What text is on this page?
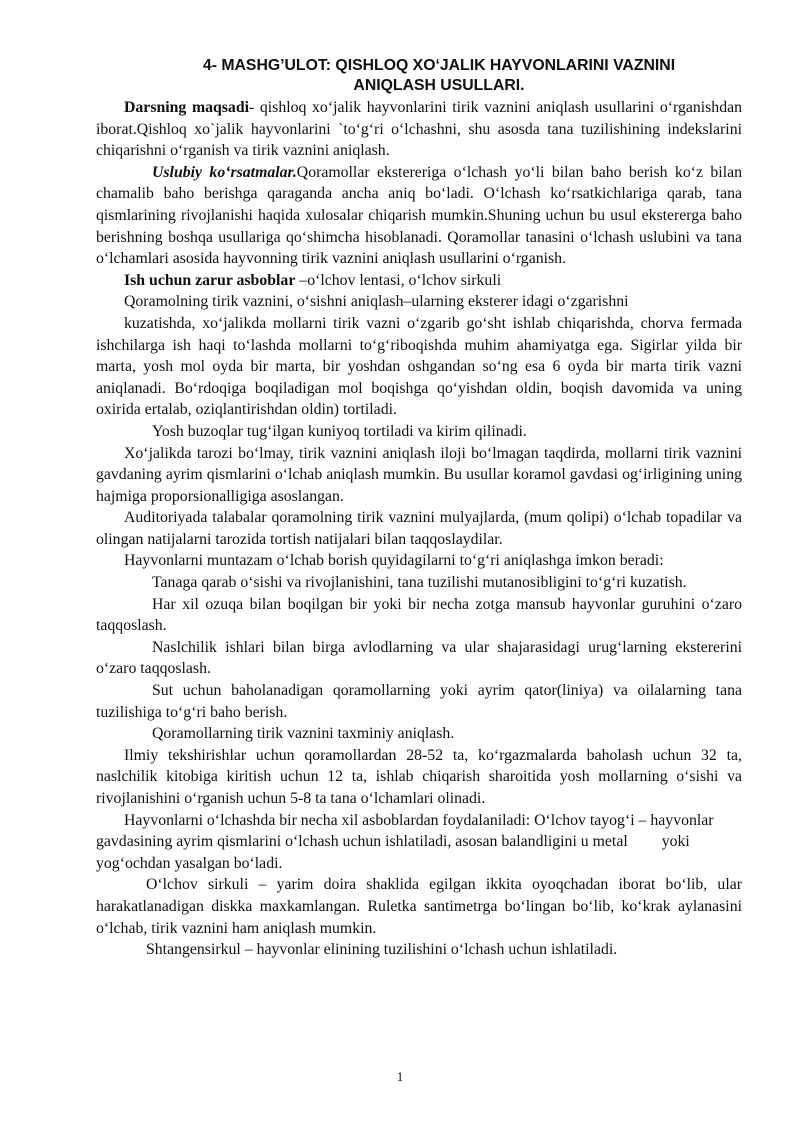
4- MASHG’ULOT: QISHLOQ XO‘JALIK HAYVONLARINI VAZNINI
ANIQLASH USULLARI.

Darsning maqsadi- qishloq xo‘jalik hayvonlarini tirik vaznini aniqlash usullarini o‘rganishdan iborat.Qishloq xo`jalik hayvonlarini `to‘g‘ri o‘lchashni, shu asosda tana tuzilishining indekslarini chiqarishni o‘rganish va tirik vaznini aniqlash.

Uslubiy ko‘rsatmalar.Qoramollar ekstereriga o‘lchash yo‘li bilan baho berish ko‘z bilan chamalib baho berishga qaraganda ancha aniq bo‘ladi. O‘lchash ko‘rsatkichlariga qarab, tana qismlarining rivojlanishi haqida xulosalar chiqarish mumkin.Shuning uchun bu usul ekstererga baho berishning boshqa usullariga qo‘shimcha hisoblanadi. Qoramollar tanasini o‘lchash uslubini va tana o‘lchamlari asosida hayvonning tirik vaznini aniqlash usullarini o‘rganish.

Ish uchun zarur asboblar –o‘lchov lentasi, o‘lchov sirkuli

Qoramolning tirik vaznini, o‘sishni aniqlash–ularning eksterer idagi o‘zgarishni

kuzatishda, xo‘jalikda mollarni tirik vazni o‘zgarib go‘sht ishlab chiqarishda, chorva fermada ishchilarga ish haqi to‘lashda mollarni to‘g‘riboqishda muhim ahamiyatga ega. Sigirlar yilda bir marta, yosh mol oyda bir marta, bir yoshdan oshgandan so‘ng esa 6 oyda bir marta tirik vazni aniqlanadi. Bo‘rdoqiga boqiladigan mol boqishga qo‘yishdan oldin, boqish davomida va uning oxirida ertalab, oziqlantirishdan oldin) tortiladi.

Yosh buzoqlar tug‘ilgan kuniyoq tortiladi va kirim qilinadi.

Xo‘jalikda tarozi bo‘lmay, tirik vaznini aniqlash iloji bo‘lmagan taqdirda, mollarni tirik vaznini gavdaning ayrim qismlarini o‘lchab aniqlash mumkin. Bu usullar koramol gavdasi og‘irligining uning hajmiga proporsionalligiga asoslangan.

Auditoriyada talabalar qoramolning tirik vaznini mulyajlarda, (mum qolipi) o‘lchab topadilar va olingan natijalarni tarozida tortish natijalari bilan taqqoslaydilar.

Hayvonlarni muntazam o‘lchab borish quyidagilarni to‘g‘ri aniqlashga imkon beradi:

Tanaga qarab o‘sishi va rivojlanishini, tana tuzilishi mutanosibligini to‘g‘ri kuzatish.

Har xil ozuqa bilan boqilgan bir yoki bir necha zotga mansub hayvonlar guruhini o‘zaro taqqoslash.

Naslchilik ishlari bilan birga avlodlarning va ular shajarasidagi urug‘larning ekstererini o‘zaro taqqoslash.

Sut uchun baholanadigan qoramollarning yoki ayrim qator(liniya) va oilalarning tana tuzilishiga to‘g‘ri baho berish.

Qoramollarning tirik vaznini taxminiy aniqlash.

Ilmiy tekshirishlar uchun qoramollardan 28-52 ta, ko‘rgazmalarda baholash uchun 32 ta, naslchilik kitobiga kiritish uchun 12 ta, ishlab chiqarish sharoitida yosh mollarning o‘sishi va rivojlanishini o‘rganish uchun 5-8 ta tana o‘lchamlari olinadi.

Hayvonlarni o‘lchashda bir necha xil asboblardan foydalaniladi: O‘lchov tayog‘i – hayvonlar gavdasining ayrim qismlarini o‘lchash uchun ishlatiladi, asosan balandligini u metal yoki yog‘ochdan yasalgan bo‘ladi.

O‘lchov sirkuli – yarim doira shaklida egilgan ikkita oyoqchadan iborat bo‘lib, ular harakatlanadigan diskka maxkamlangan. Ruletka santimetrga bo‘lingan bo‘lib, ko‘krak aylanasini o‘lchab, tirik vaznini ham aniqlash mumkin.

Shtangensirkul – hayvonlar elinining tuzilishini o‘lchash uchun ishlatiladi.

1
